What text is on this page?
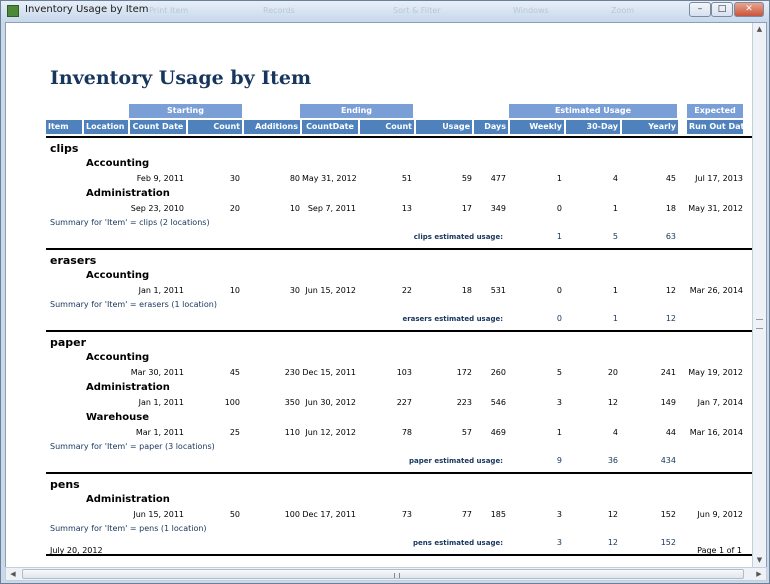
Inventory Usage by Item Print Item	Records	Sort & Filter	Windows	Zoom	–	□	✕
Inventory Usage by Item
Starting	Ending	Estimated Usage	Expected
Item	Location	Count Date	Count	Additions	CountDate	Count	Usage	Days	Weekly	30-Day	Yearly Run Out Date
clips
Accounting
Feb 9, 2011	30	80 May 31, 2012	51	59	477	1	4	45	Jul 17, 2013
Administration
Sep 23, 2010	20	10 Sep 7, 2011	13	17	349	0	1	18 May 31, 2012
Summary for 'Item' = clips (2 locations)
clips estimated usage:	1	5	63
erasers
Accounting
Jan 1, 2011	10	30 Jun 15, 2012	22	18	531	0	1	12	Mar 26, 2014
Summary for 'Item' = erasers (1 location)
erasers estimated usage:	0	1	12
paper
Accounting
Mar 30, 2011	45	230 Dec 15, 2011	103	172	260	5	20	241 May 19, 2012
Administration
Jan 1, 2011	100	350 Jun 30, 2012	227	223	546	3	12	149	Jan 7, 2014
Warehouse
Mar 1, 2011	25	110 Jun 12, 2012	78	57	469	1	4	44	Mar 16, 2014
Summary for 'Item' = paper (3 locations)
paper estimated usage:	9	36	434
pens
Administration
Jun 15, 2011	50	100 Dec 17, 2011	73	77	185	3	12	152	Jun 9, 2012
Summary for 'Item' = pens (1 location)
pens estimated usage:	3	12	152
July 20, 2012	Page 1 of 1
▲
▼
◀	▶
